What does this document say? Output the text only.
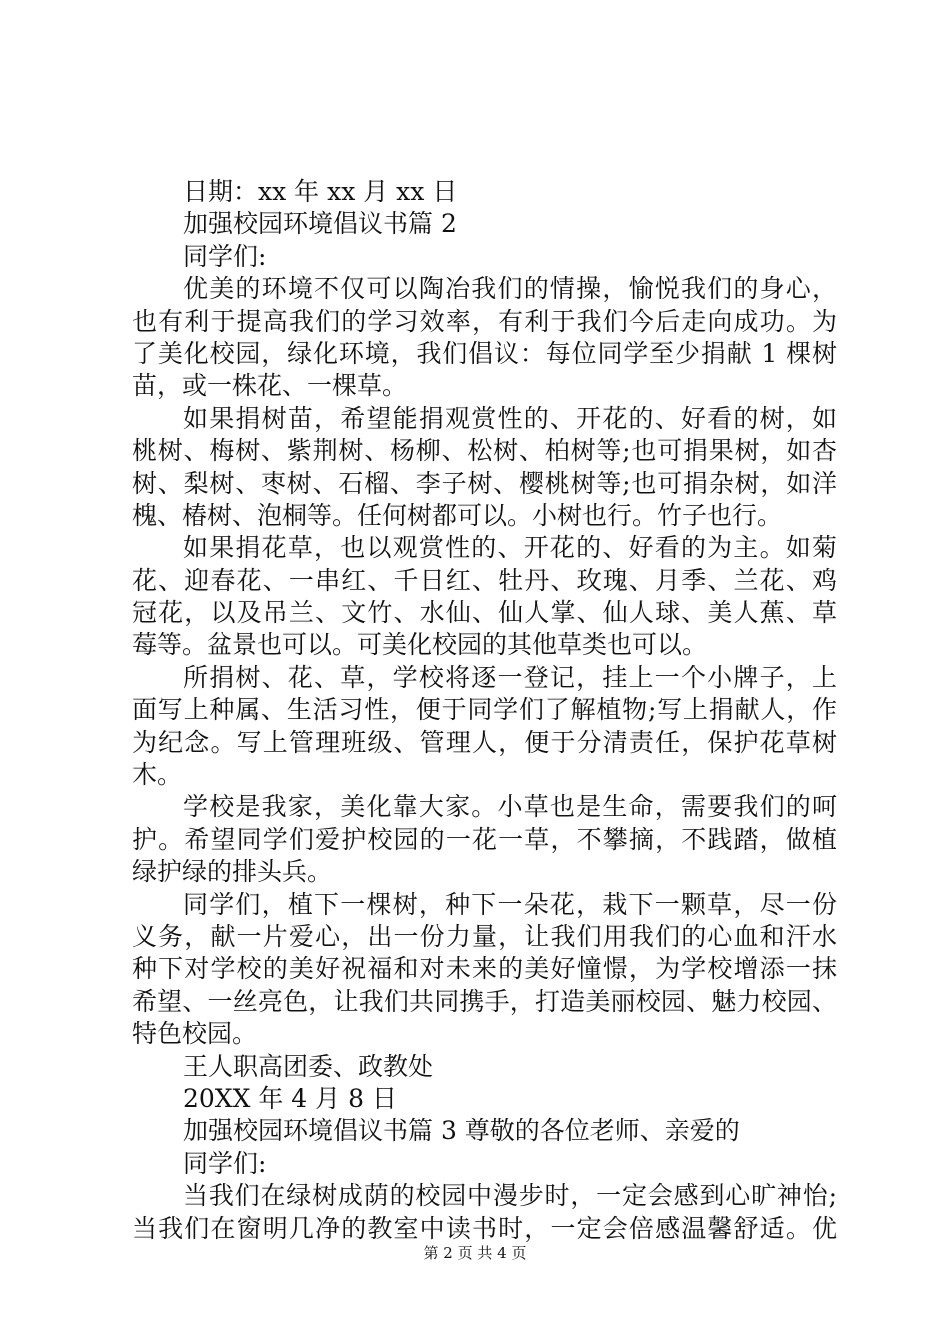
日期：xx 年 xx 月 xx 日
加强校园环境倡议书篇 2
同学们:
优美的环境不仅可以陶冶我们的情操，愉悦我们的身心，
也有利于提高我们的学习效率，有利于我们今后走向成功。为
了美化校园，绿化环境，我们倡议：每位同学至少捐献 1 棵树
苗，或一株花、一棵草。
如果捐树苗，希望能捐观赏性的、开花的、好看的树，如
桃树、梅树、紫荆树、杨柳、松树、柏树等;也可捐果树，如杏
树、梨树、枣树、石榴、李子树、樱桃树等;也可捐杂树，如洋
槐、椿树、泡桐等。任何树都可以。小树也行。竹子也行。
如果捐花草，也以观赏性的、开花的、好看的为主。如菊
花、迎春花、一串红、千日红、牡丹、玫瑰、月季、兰花、鸡
冠花，以及吊兰、文竹、水仙、仙人掌、仙人球、美人蕉、草
莓等。盆景也可以。可美化校园的其他草类也可以。
所捐树、花、草，学校将逐一登记，挂上一个小牌子，上
面写上种属、生活习性，便于同学们了解植物;写上捐献人，作
为纪念。写上管理班级、管理人，便于分清责任，保护花草树
木。
学校是我家，美化靠大家。小草也是生命，需要我们的呵
护。希望同学们爱护校园的一花一草，不攀摘，不践踏，做植
绿护绿的排头兵。
同学们，植下一棵树，种下一朵花，栽下一颗草，尽一份
义务，献一片爱心，出一份力量，让我们用我们的心血和汗水
种下对学校的美好祝福和对未来的美好憧憬，为学校增添一抹
希望、一丝亮色，让我们共同携手，打造美丽校园、魅力校园、
特色校园。
王人职高团委、政教处
20XX 年 4 月 8 日
加强校园环境倡议书篇 3 尊敬的各位老师、亲爱的
同学们:
当我们在绿树成荫的校园中漫步时，一定会感到心旷神怡;
当我们在窗明几净的教室中读书时，一定会倍感温馨舒适。优
第 2 页 共 4 页
